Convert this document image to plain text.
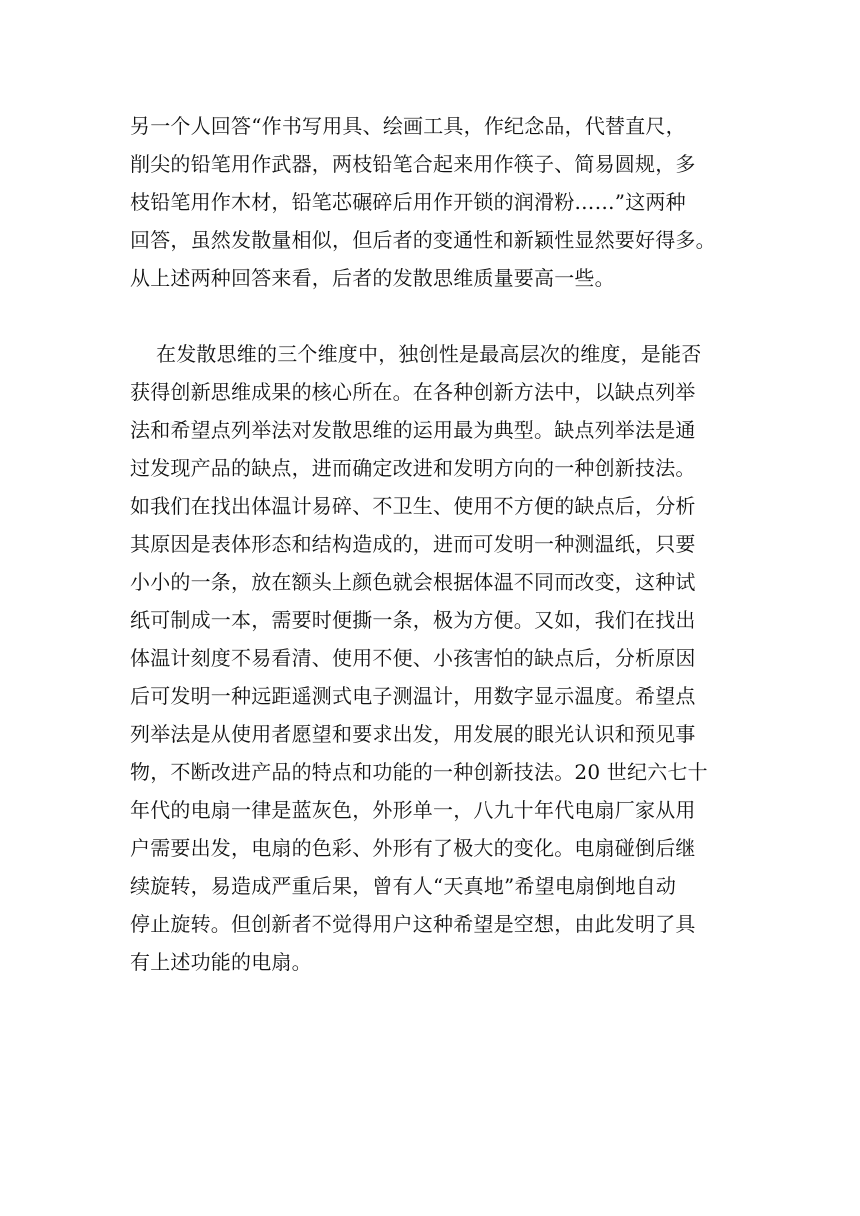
另一个人回答“作书写用具、绘画工具，作纪念品，代替直尺，
削尖的铅笔用作武器，两枝铅笔合起来用作筷子、简易圆规，多
枝铅笔用作木材，铅笔芯碾碎后用作开锁的润滑粉……”这两种
回答，虽然发散量相似，但后者的变通性和新颖性显然要好得多。
从上述两种回答来看，后者的发散思维质量要高一些。
在发散思维的三个维度中，独创性是最高层次的维度，是能否
获得创新思维成果的核心所在。在各种创新方法中，以缺点列举
法和希望点列举法对发散思维的运用最为典型。缺点列举法是通
过发现产品的缺点，进而确定改进和发明方向的一种创新技法。
如我们在找出体温计易碎、不卫生、使用不方便的缺点后，分析
其原因是表体形态和结构造成的，进而可发明一种测温纸，只要
小小的一条，放在额头上颜色就会根据体温不同而改变，这种试
纸可制成一本，需要时便撕一条，极为方便。又如，我们在找出
体温计刻度不易看清、使用不便、小孩害怕的缺点后，分析原因
后可发明一种远距遥测式电子测温计，用数字显示温度。希望点
列举法是从使用者愿望和要求出发，用发展的眼光认识和预见事
物，不断改进产品的特点和功能的一种创新技法。20 世纪六七十
年代的电扇一律是蓝灰色，外形单一，八九十年代电扇厂家从用
户需要出发，电扇的色彩、外形有了极大的变化。电扇碰倒后继
续旋转，易造成严重后果，曾有人“天真地”希望电扇倒地自动
停止旋转。但创新者不觉得用户这种希望是空想，由此发明了具
有上述功能的电扇。
